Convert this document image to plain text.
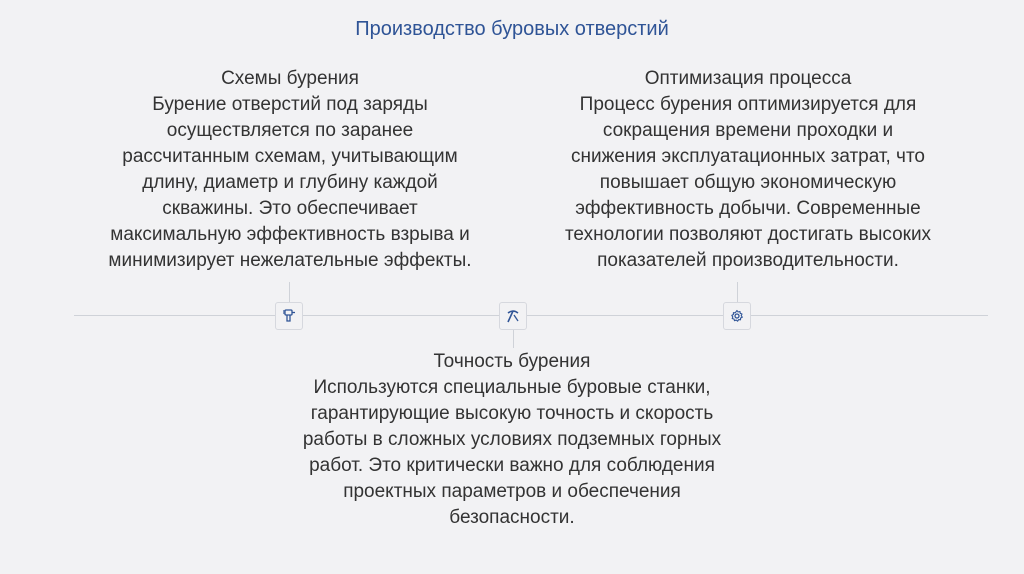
Производство буровых отверстий
Схемы бурения
Бурение отверстий под заряды
осуществляется по заранее
рассчитанным схемам, учитывающим
длину, диаметр и глубину каждой
скважины. Это обеспечивает
максимальную эффективность взрыва и
минимизирует нежелательные эффекты.
Оптимизация процесса
Процесс бурения оптимизируется для
сокращения времени проходки и
снижения эксплуатационных затрат, что
повышает общую экономическую
эффективность добычи. Современные
технологии позволяют достигать высоких
показателей производительности.
Точность бурения
Используются специальные буровые станки,
гарантирующие высокую точность и скорость
работы в сложных условиях подземных горных
работ. Это критически важно для соблюдения
проектных параметров и обеспечения
безопасности.
